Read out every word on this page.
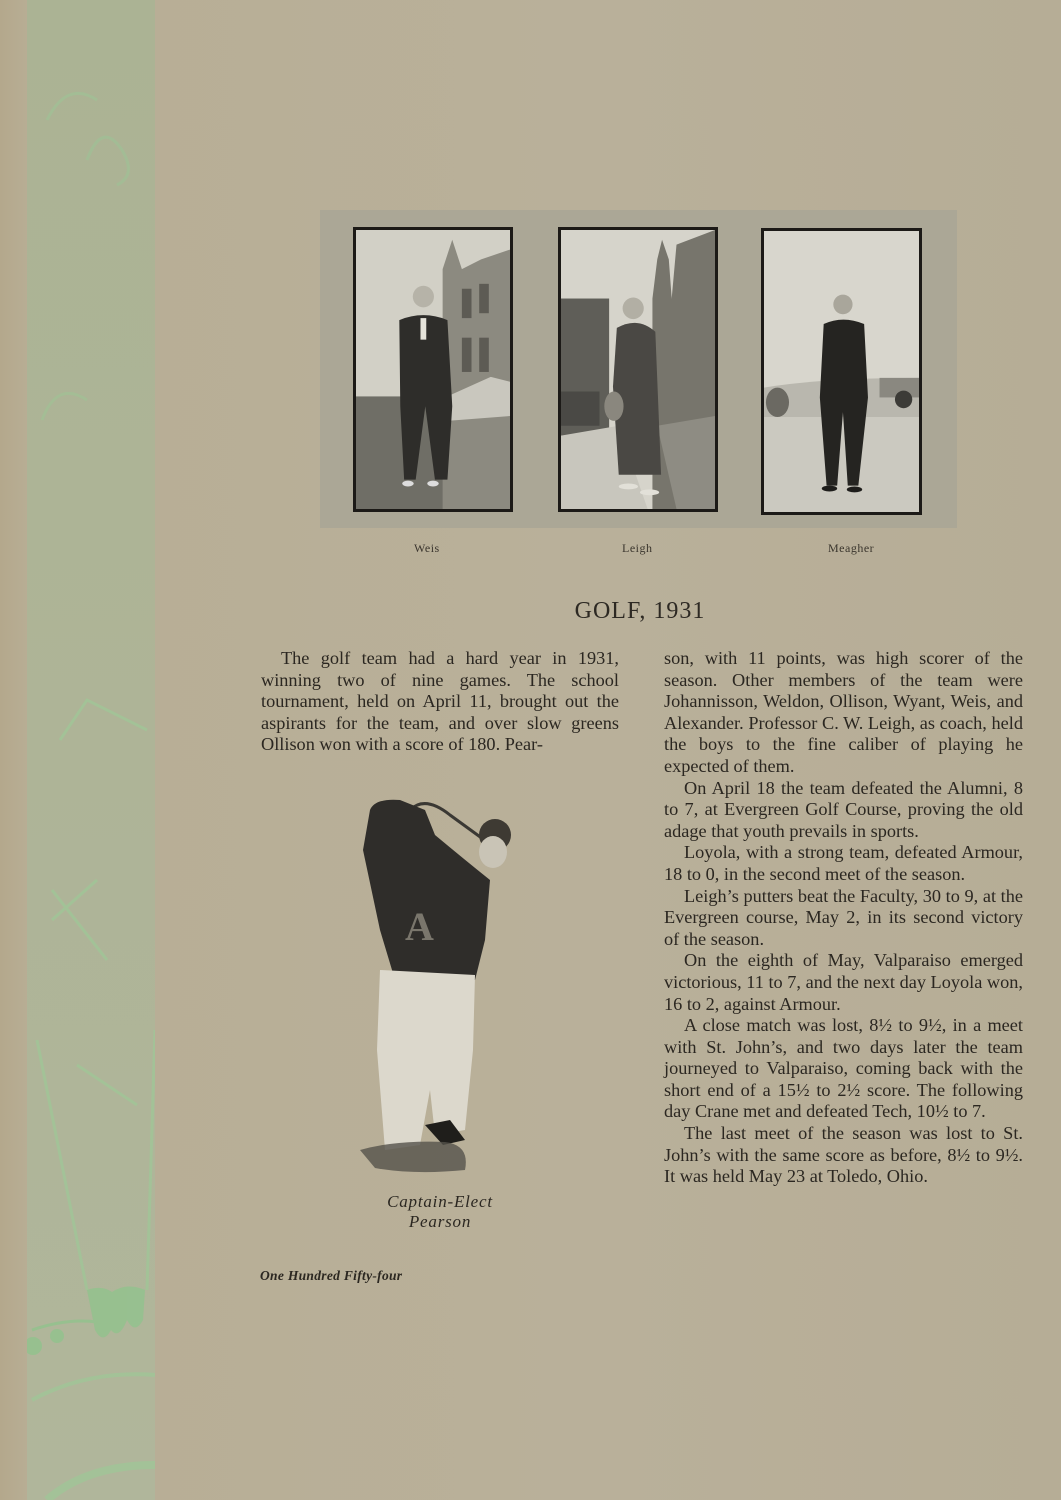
Weis	Leigh	Meagher
GOLF, 1931

The golf team had a hard year in 1931, winning two of nine games. The school tournament, held on April 11, brought out the aspirants for the team, and over slow greens Ollison won with a score of 180. Pear-

son, with 11 points, was high scorer of the season. Other members of the team were Johannisson, Weldon, Ollison, Wyant, Weis, and Alexander. Professor C. W. Leigh, as coach, held the boys to the fine caliber of playing he expected of them.

On April 18 the team defeated the Alumni, 8 to 7, at Evergreen Golf Course, proving the old adage that youth prevails in sports.

Loyola, with a strong team, defeated Armour, 18 to 0, in the second meet of the season.

Leigh’s putters beat the Faculty, 30 to 9, at the Evergreen course, May 2, in its second victory of the season.

On the eighth of May, Valparaiso emerged victorious, 11 to 7, and the next day Loyola won, 16 to 2, against Armour.

A close match was lost, 8½ to 9½, in a meet with St. John’s, and two days later the team journeyed to Valparaiso, coming back with the short end of a 15½ to 2½ score. The following day Crane met and defeated Tech, 10½ to 7.

The last meet of the season was lost to St. John’s with the same score as before, 8½ to 9½. It was held May 23 at Toledo, Ohio.

A
Captain-Elect
Pearson
One Hundred Fifty-four
